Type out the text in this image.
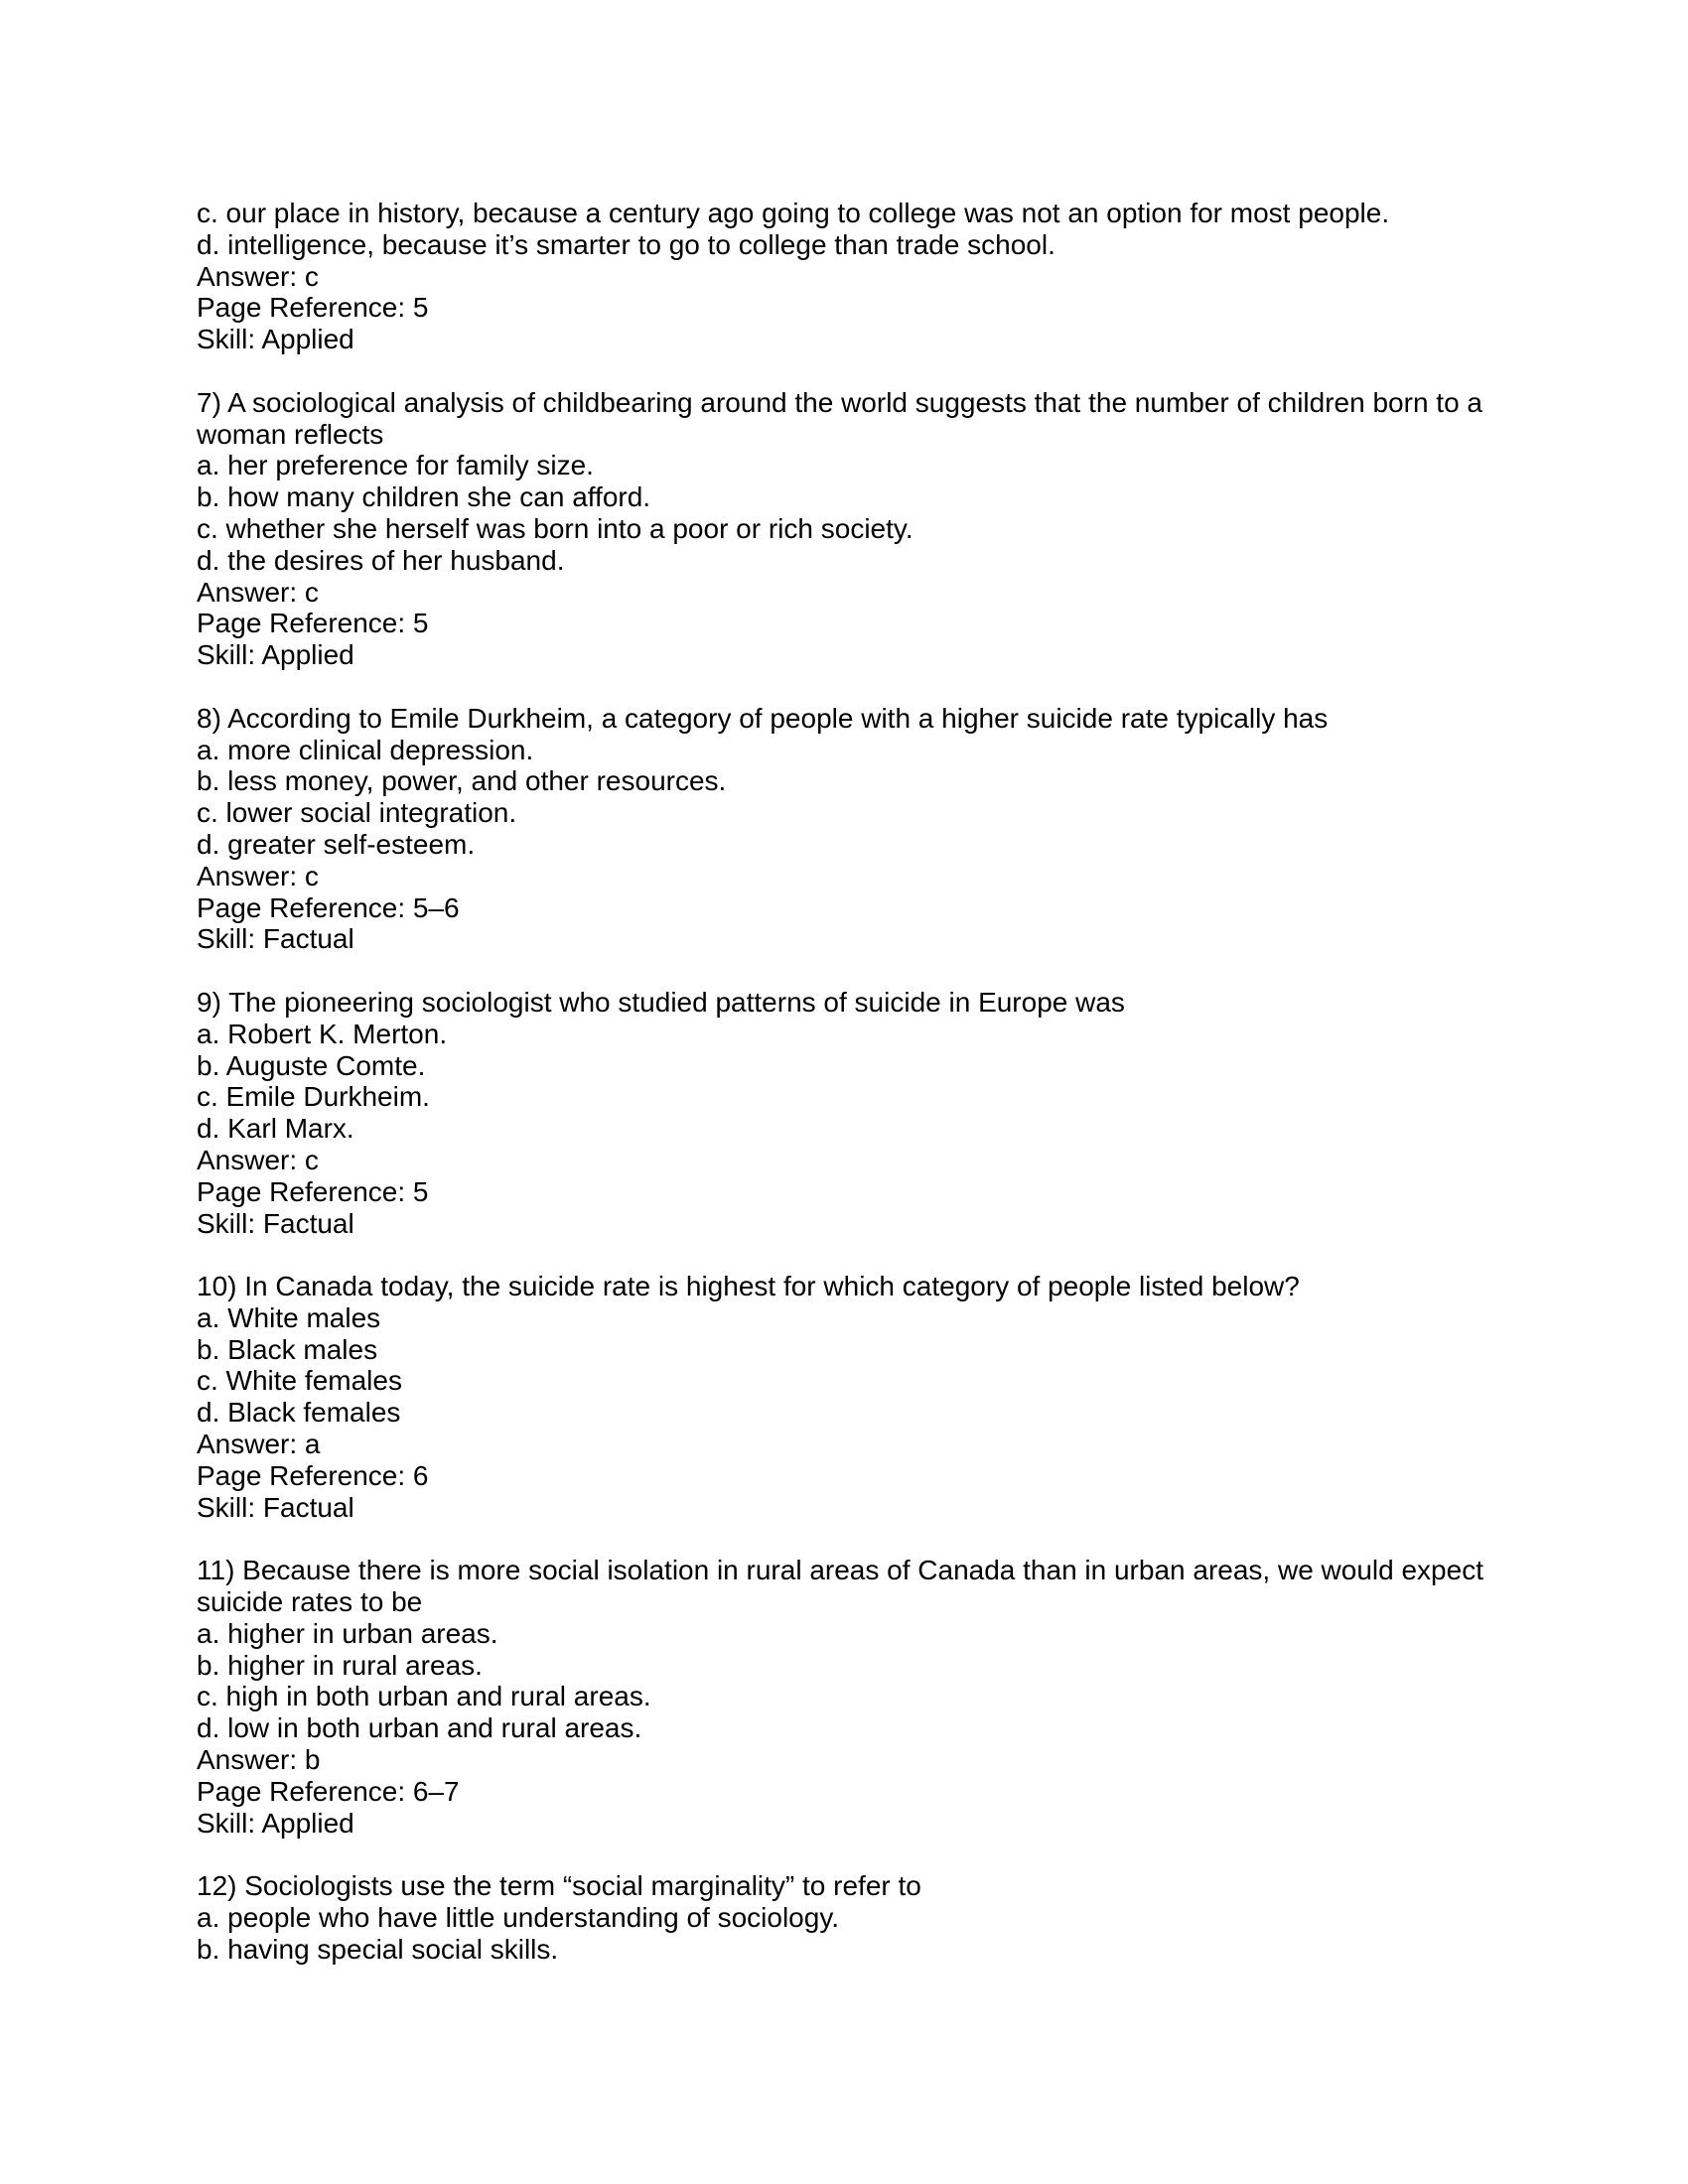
c. our place in history, because a century ago going to college was not an option for most people.
d. intelligence, because it’s smarter to go to college than trade school.
Answer: c
Page Reference: 5
Skill: Applied
7) A sociological analysis of childbearing around the world suggests that the number of children born to a woman reflects
a. her preference for family size.
b. how many children she can afford.
c. whether she herself was born into a poor or rich society.
d. the desires of her husband.
Answer: c
Page Reference: 5
Skill: Applied
8) According to Emile Durkheim, a category of people with a higher suicide rate typically has
a. more clinical depression.
b. less money, power, and other resources.
c. lower social integration.
d. greater self-esteem.
Answer: c
Page Reference: 5–6
Skill: Factual
9) The pioneering sociologist who studied patterns of suicide in Europe was
a. Robert K. Merton.
b. Auguste Comte.
c. Emile Durkheim.
d. Karl Marx.
Answer: c
Page Reference: 5
Skill: Factual
10) In Canada today, the suicide rate is highest for which category of people listed below?
a. White males
b. Black males
c. White females
d. Black females
Answer: a
Page Reference: 6
Skill: Factual
11) Because there is more social isolation in rural areas of Canada than in urban areas, we would expect suicide rates to be
a. higher in urban areas.
b. higher in rural areas.
c. high in both urban and rural areas.
d. low in both urban and rural areas.
Answer: b
Page Reference: 6–7
Skill: Applied
12) Sociologists use the term “social marginality” to refer to
a. people who have little understanding of sociology.
b. having special social skills.
